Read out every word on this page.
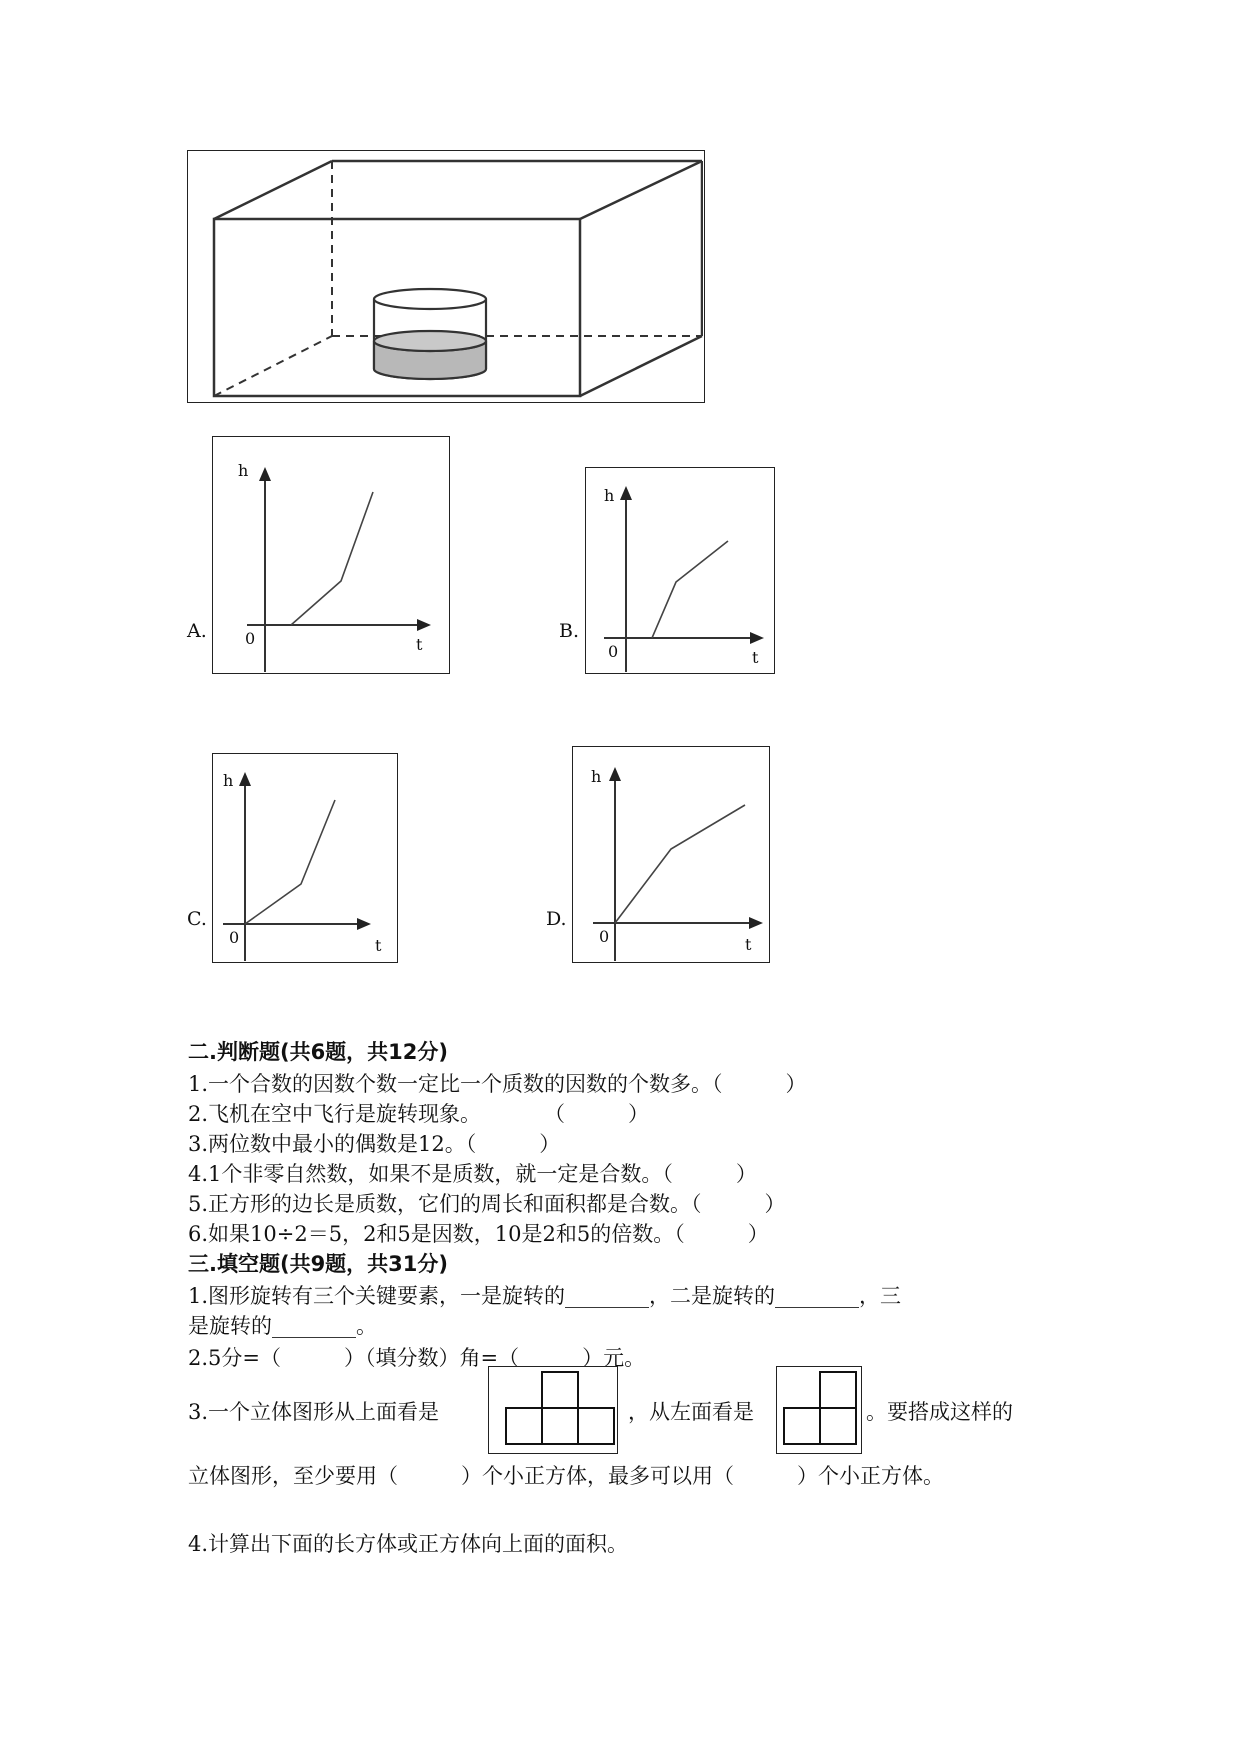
A.
h
0	t
B.
h
0	t
C.
h
0	t
D.
h
0	t
二.判断题(共6题，共12分)
1.一个合数的因数个数一定比一个质数的因数的个数多。（　　　）
2.飞机在空中飞行是旋转现象。　　　　（　　　）
3.两位数中最小的偶数是12。（　　　）
4.1个非零自然数，如果不是质数，就一定是合数。（　　　）
5.正方形的边长是质数，它们的周长和面积都是合数。（　　　）
6.如果10÷2＝5，2和5是因数，10是2和5的倍数。（　　　）
三.填空题(共9题，共31分)
1.图形旋转有三个关键要素，一是旋转的________，二是旋转的________，三
是旋转的________。
2.5分=（　　　）（填分数）角=（　　　）元。
3.一个立体图形从上面看是	，从左面看是	。要搭成这样的
立体图形，至少要用（　　　）个小正方体，最多可以用（　　　）个小正方体。
4.计算出下面的长方体或正方体向上面的面积。
